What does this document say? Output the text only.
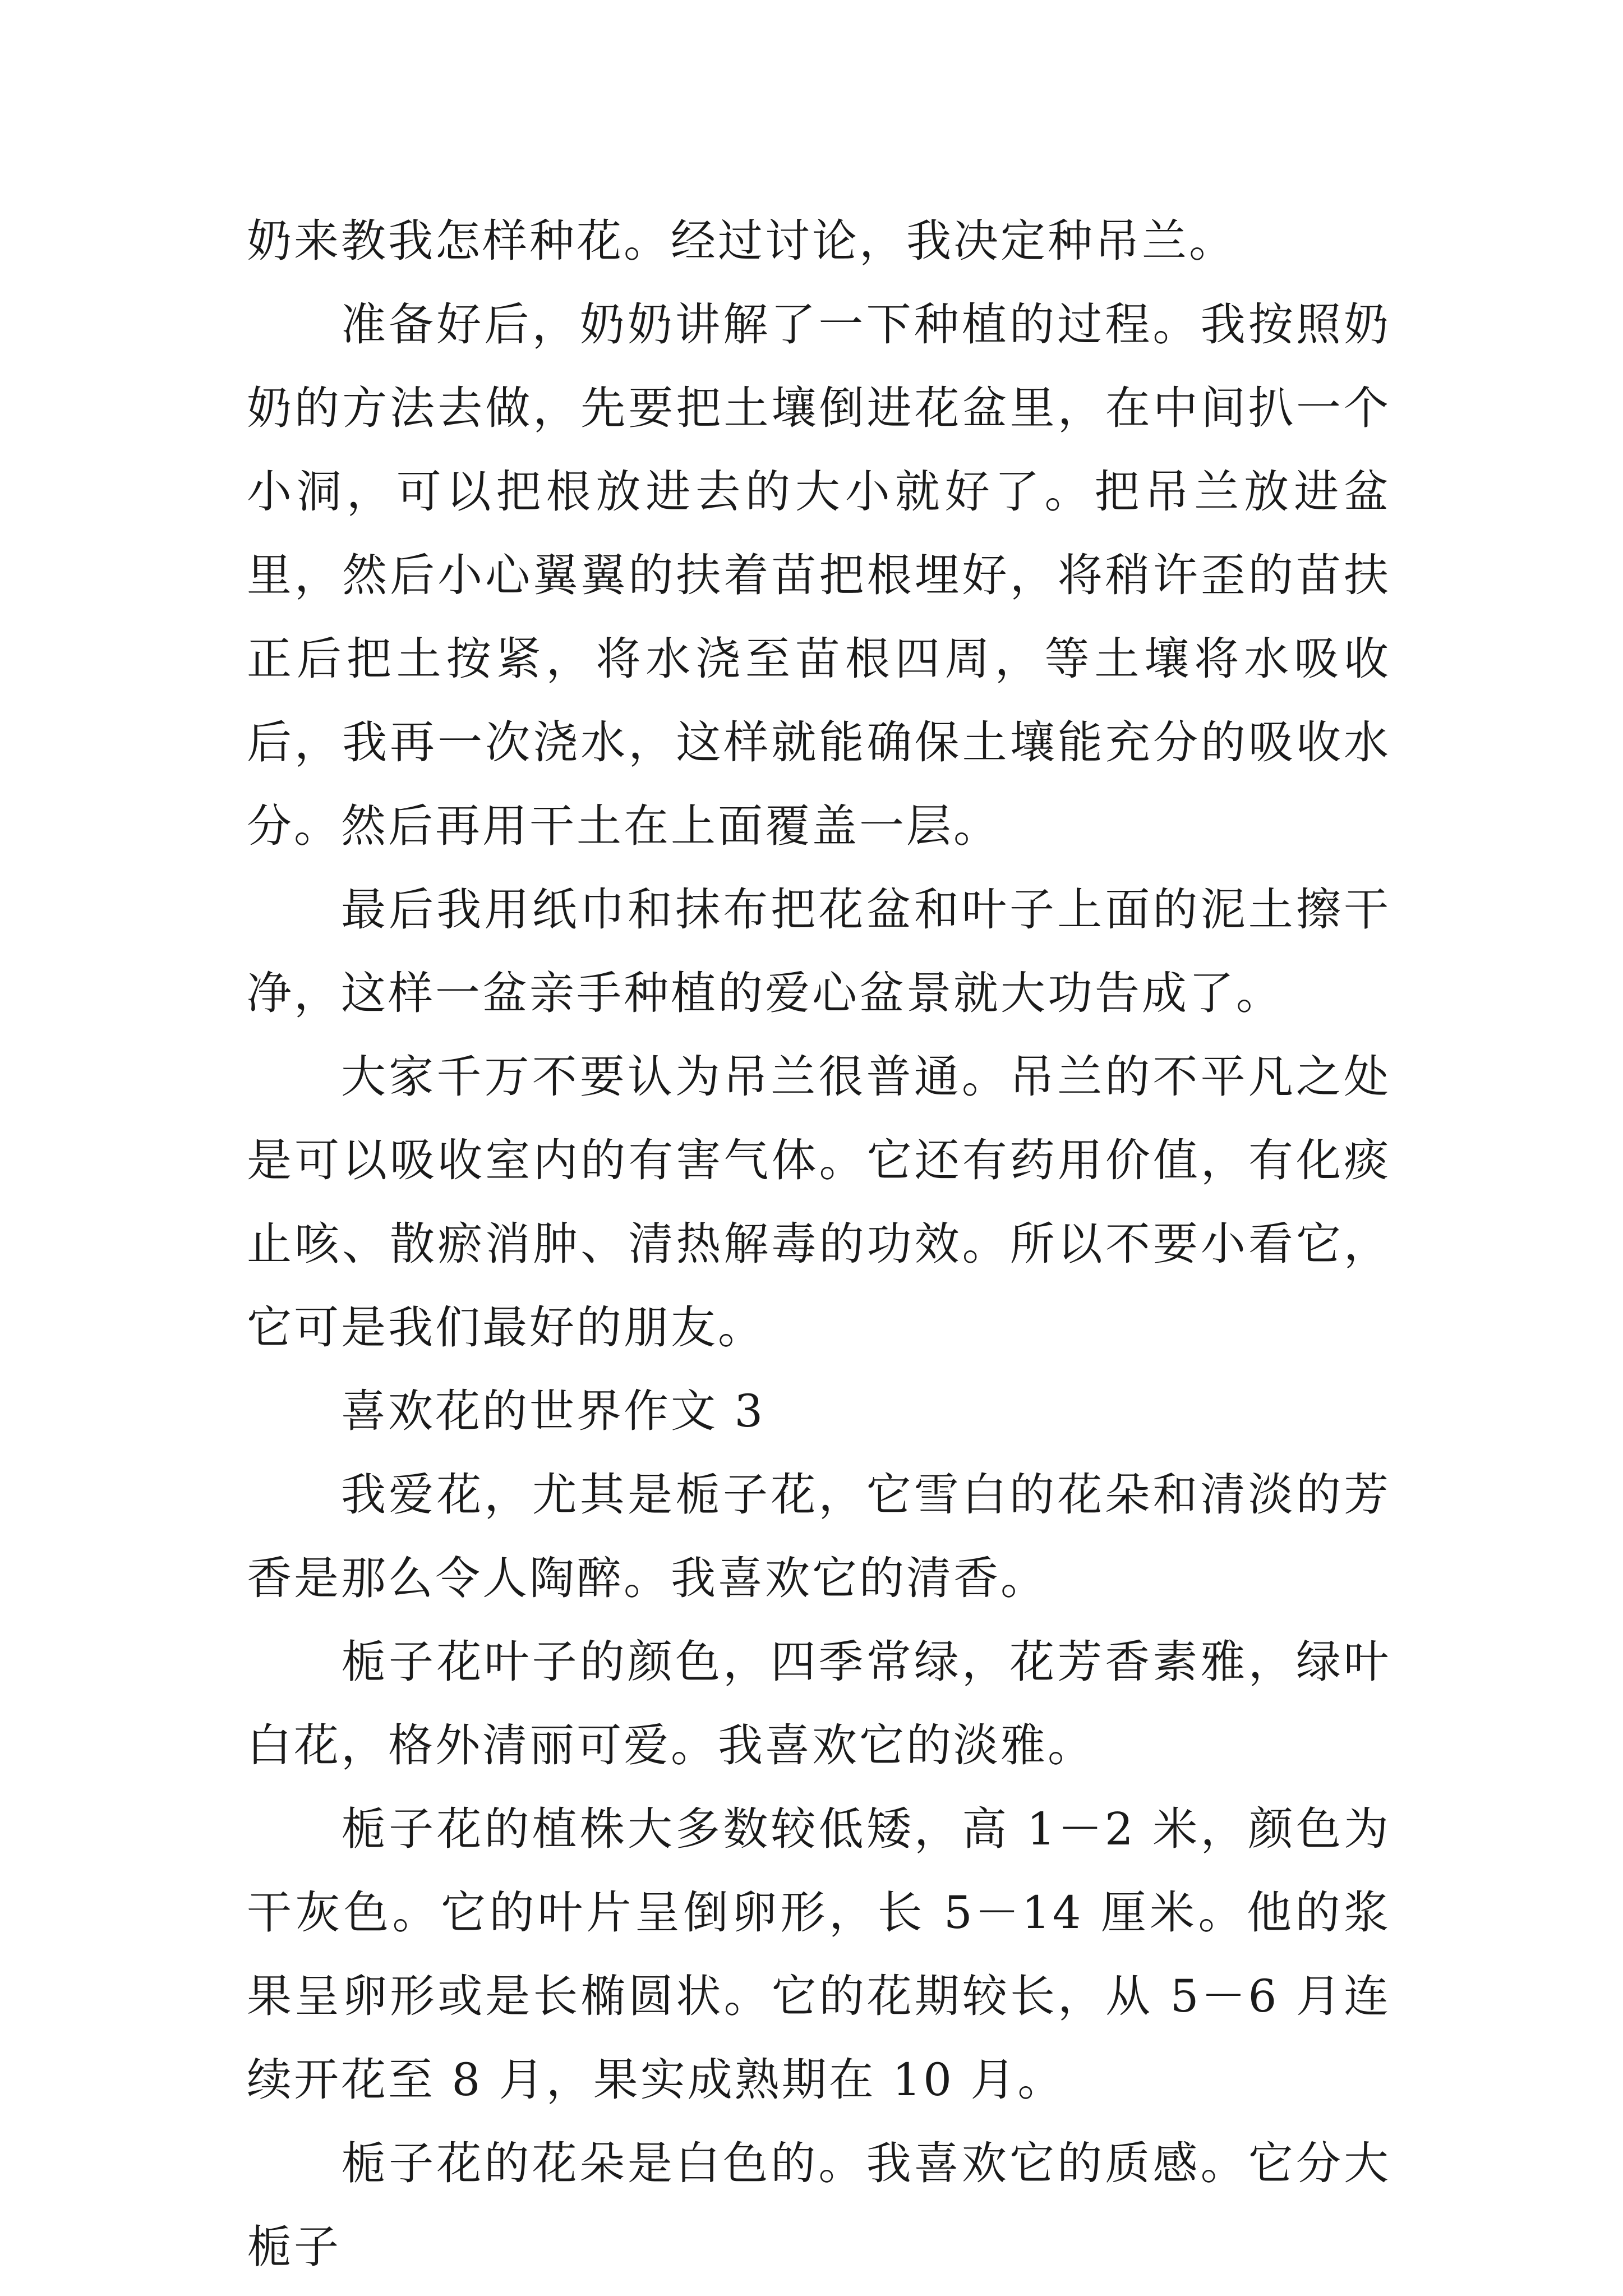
奶来教我怎样种花。经过讨论，我决定种吊兰。

准备好后，奶奶讲解了一下种植的过程。我按照奶奶的方法去做，先要把土壤倒进花盆里，在中间扒一个小洞，可以把根放进去的大小就好了。把吊兰放进盆里，然后小心翼翼的扶着苗把根埋好，将稍许歪的苗扶正后把土按紧，将水浇至苗根四周，等土壤将水吸收后，我再一次浇水，这样就能确保土壤能充分的吸收水分。然后再用干土在上面覆盖一层。

最后我用纸巾和抹布把花盆和叶子上面的泥土擦干净，这样一盆亲手种植的爱心盆景就大功告成了。

大家千万不要认为吊兰很普通。吊兰的不平凡之处是可以吸收室内的有害气体。它还有药用价值，有化痰止咳、散瘀消肿、清热解毒的功效。所以不要小看它，它可是我们最好的朋友。

喜欢花的世界作文 3

我爱花，尤其是栀子花，它雪白的花朵和清淡的芳香是那么令人陶醉。我喜欢它的清香。

栀子花叶子的颜色，四季常绿，花芳香素雅，绿叶白花，格外清丽可爱。我喜欢它的淡雅。

栀子花的植株大多数较低矮，高 1－2 米，颜色为干灰色。它的叶片呈倒卵形，长 5－14 厘米。他的浆果呈卵形或是长椭圆状。它的花期较长，从 5－6 月连续开花至 8 月，果实成熟期在 10 月。

栀子花的花朵是白色的。我喜欢它的质感。它分大栀子
